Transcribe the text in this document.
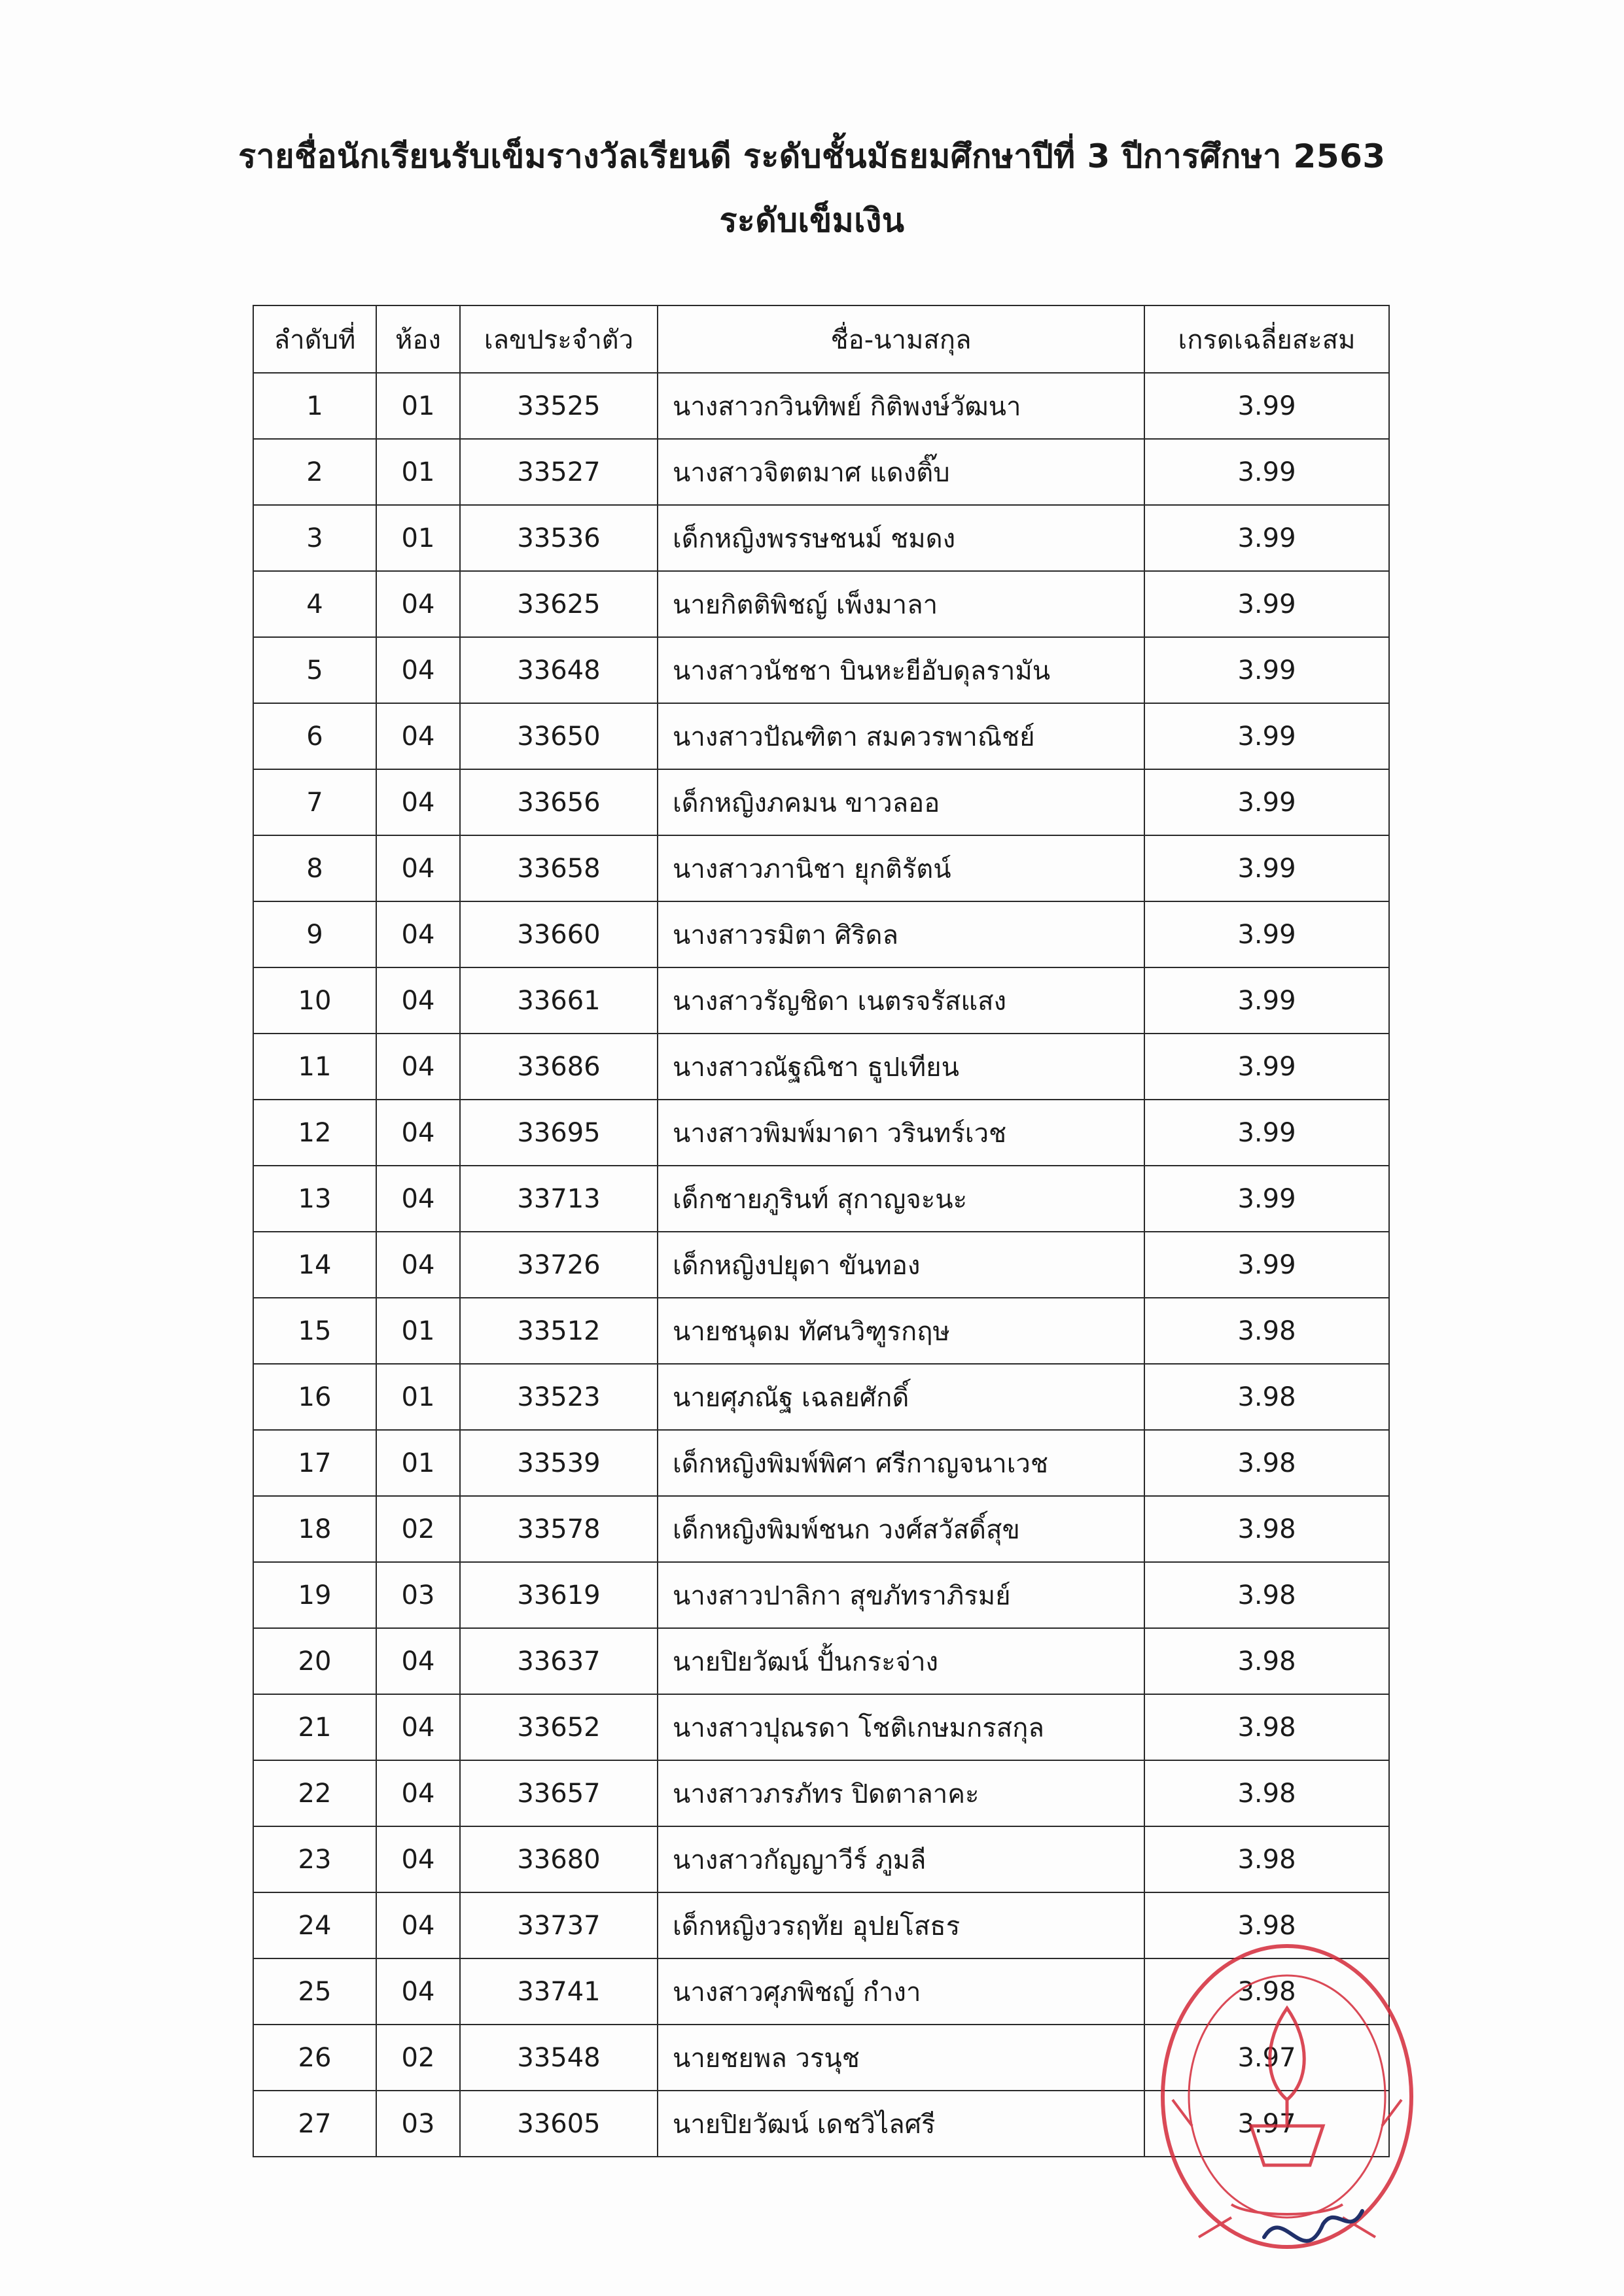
รายชื่อนักเรียนรับเข็มรางวัลเรียนดี ระดับชั้นมัธยมศึกษาปีที่ 3 ปีการศึกษา 2563
ระดับเข็มเงิน
ลำดับที่	ห้อง	เลขประจำตัว	ชื่อ-นามสกุล	เกรดเฉลี่ยสะสม
1	01	33525	นางสาวกวินทิพย์ กิติพงษ์วัฒนา	3.99
2	01	33527	นางสาวจิตตมาศ แดงติ๊บ	3.99
3	01	33536	เด็กหญิงพรรษชนม์ ชมดง	3.99
4	04	33625	นายกิตติพิชญ์ เพ็งมาลา	3.99
5	04	33648	นางสาวนัชชา บินหะยีอับดุลรามัน	3.99
6	04	33650	นางสาวปัณฑิตา สมควรพาณิชย์	3.99
7	04	33656	เด็กหญิงภคมน ขาวลออ	3.99
8	04	33658	นางสาวภานิชา ยุกติรัตน์	3.99
9	04	33660	นางสาวรมิตา ศิริดล	3.99
10	04	33661	นางสาวรัญชิดา เนตรจรัสแสง	3.99
11	04	33686	นางสาวณัฐณิชา ธูปเทียน	3.99
12	04	33695	นางสาวพิมพ์มาดา วรินทร์เวช	3.99
13	04	33713	เด็กชายภูรินท์ สุกาญจะนะ	3.99
14	04	33726	เด็กหญิงปยุดา ขันทอง	3.99
15	01	33512	นายชนุดม ทัศนวิฑูรกฤษ	3.98
16	01	33523	นายศุภณัฐ เฉลยศักดิ์	3.98
17	01	33539	เด็กหญิงพิมพ์พิศา ศรีกาญจนาเวช	3.98
18	02	33578	เด็กหญิงพิมพ์ชนก วงศ์สวัสดิ์สุข	3.98
19	03	33619	นางสาวปาลิกา สุขภัทราภิรมย์	3.98
20	04	33637	นายปิยวัฒน์ ปั้นกระจ่าง	3.98
21	04	33652	นางสาวปุณรดา โชติเกษมกรสกุล	3.98
22	04	33657	นางสาวภรภัทร ปิดตาลาคะ	3.98
23	04	33680	นางสาวกัญญาวีร์ ภูมลี	3.98
24	04	33737	เด็กหญิงวรฤทัย อุปยโสธร	3.98
25	04	33741	นางสาวศุภพิชญ์ กำงา	3.98
26	02	33548	นายชยพล วรนุช	3.97
27	03	33605	นายปิยวัฒน์ เดชวิไลศรี	3.97
